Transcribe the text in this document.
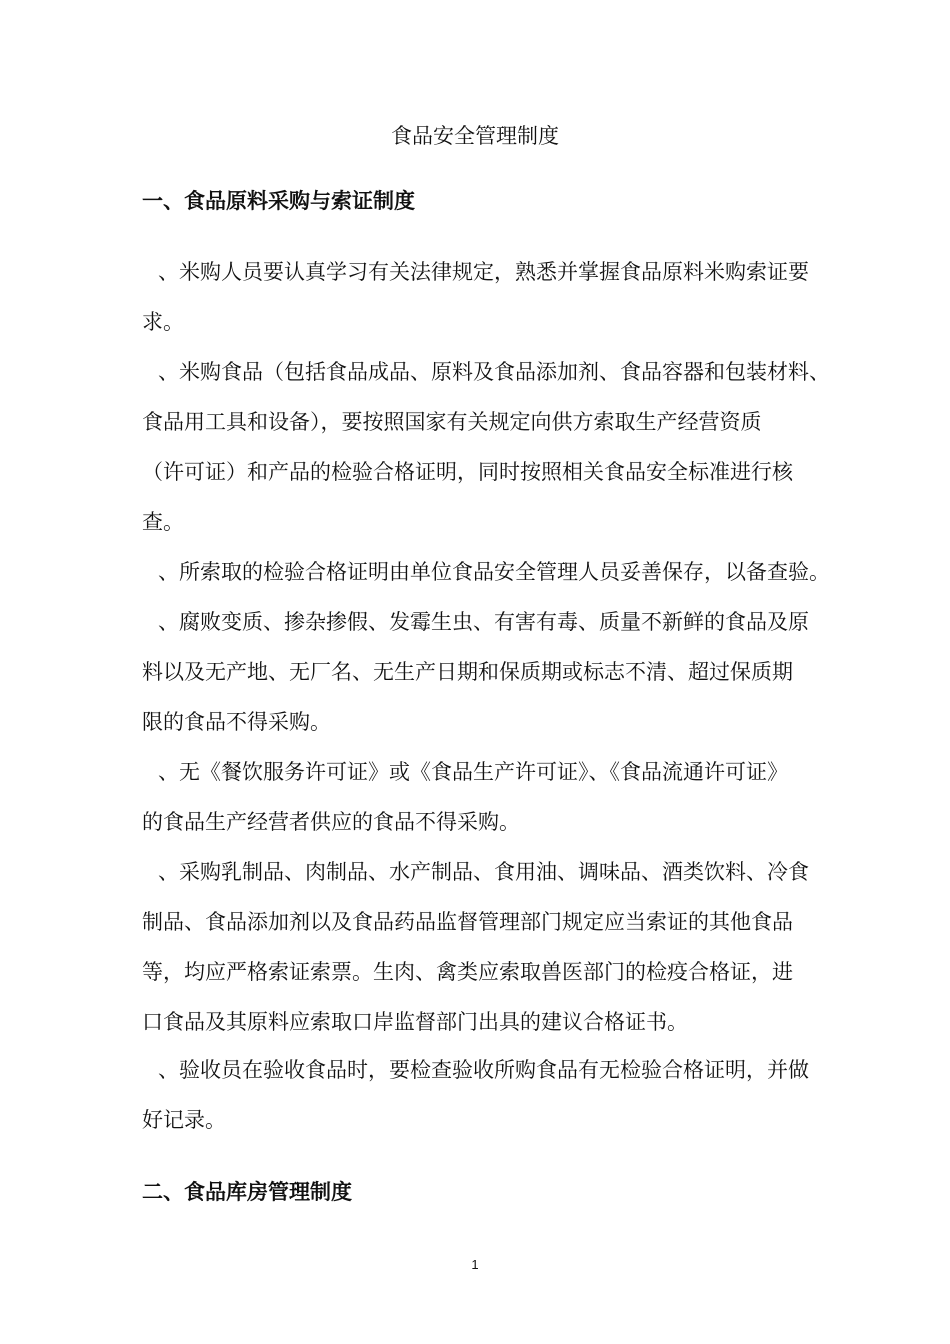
食品安全管理制度
一、食品原料采购与索证制度
、米购人员要认真学习有关法律规定，熟悉并掌握食品原料米购索证要
求。
、米购食品（包括食品成品、原料及食品添加剂、食品容器和包装材料、
食品用工具和设备），要按照国家有关规定向供方索取生产经营资质
（许可证）和产品的检验合格证明，同时按照相关食品安全标准进行核
查。
、所索取的检验合格证明由单位食品安全管理人员妥善保存，以备查验。
、腐败变质、掺杂掺假、发霉生虫、有害有毒、质量不新鲜的食品及原
料以及无产地、无厂名、无生产日期和保质期或标志不清、超过保质期
限的食品不得采购。
、无《餐饮服务许可证》或《食品生产许可证》、《食品流通许可证》
的食品生产经营者供应的食品不得采购。
、采购乳制品、肉制品、水产制品、食用油、调味品、酒类饮料、冷食
制品、食品添加剂以及食品药品监督管理部门规定应当索证的其他食品
等，均应严格索证索票。生肉、禽类应索取兽医部门的检疫合格证，进
口食品及其原料应索取口岸监督部门出具的建议合格证书。
、验收员在验收食品时，要检查验收所购食品有无检验合格证明，并做
好记录。
二、食品库房管理制度
1
